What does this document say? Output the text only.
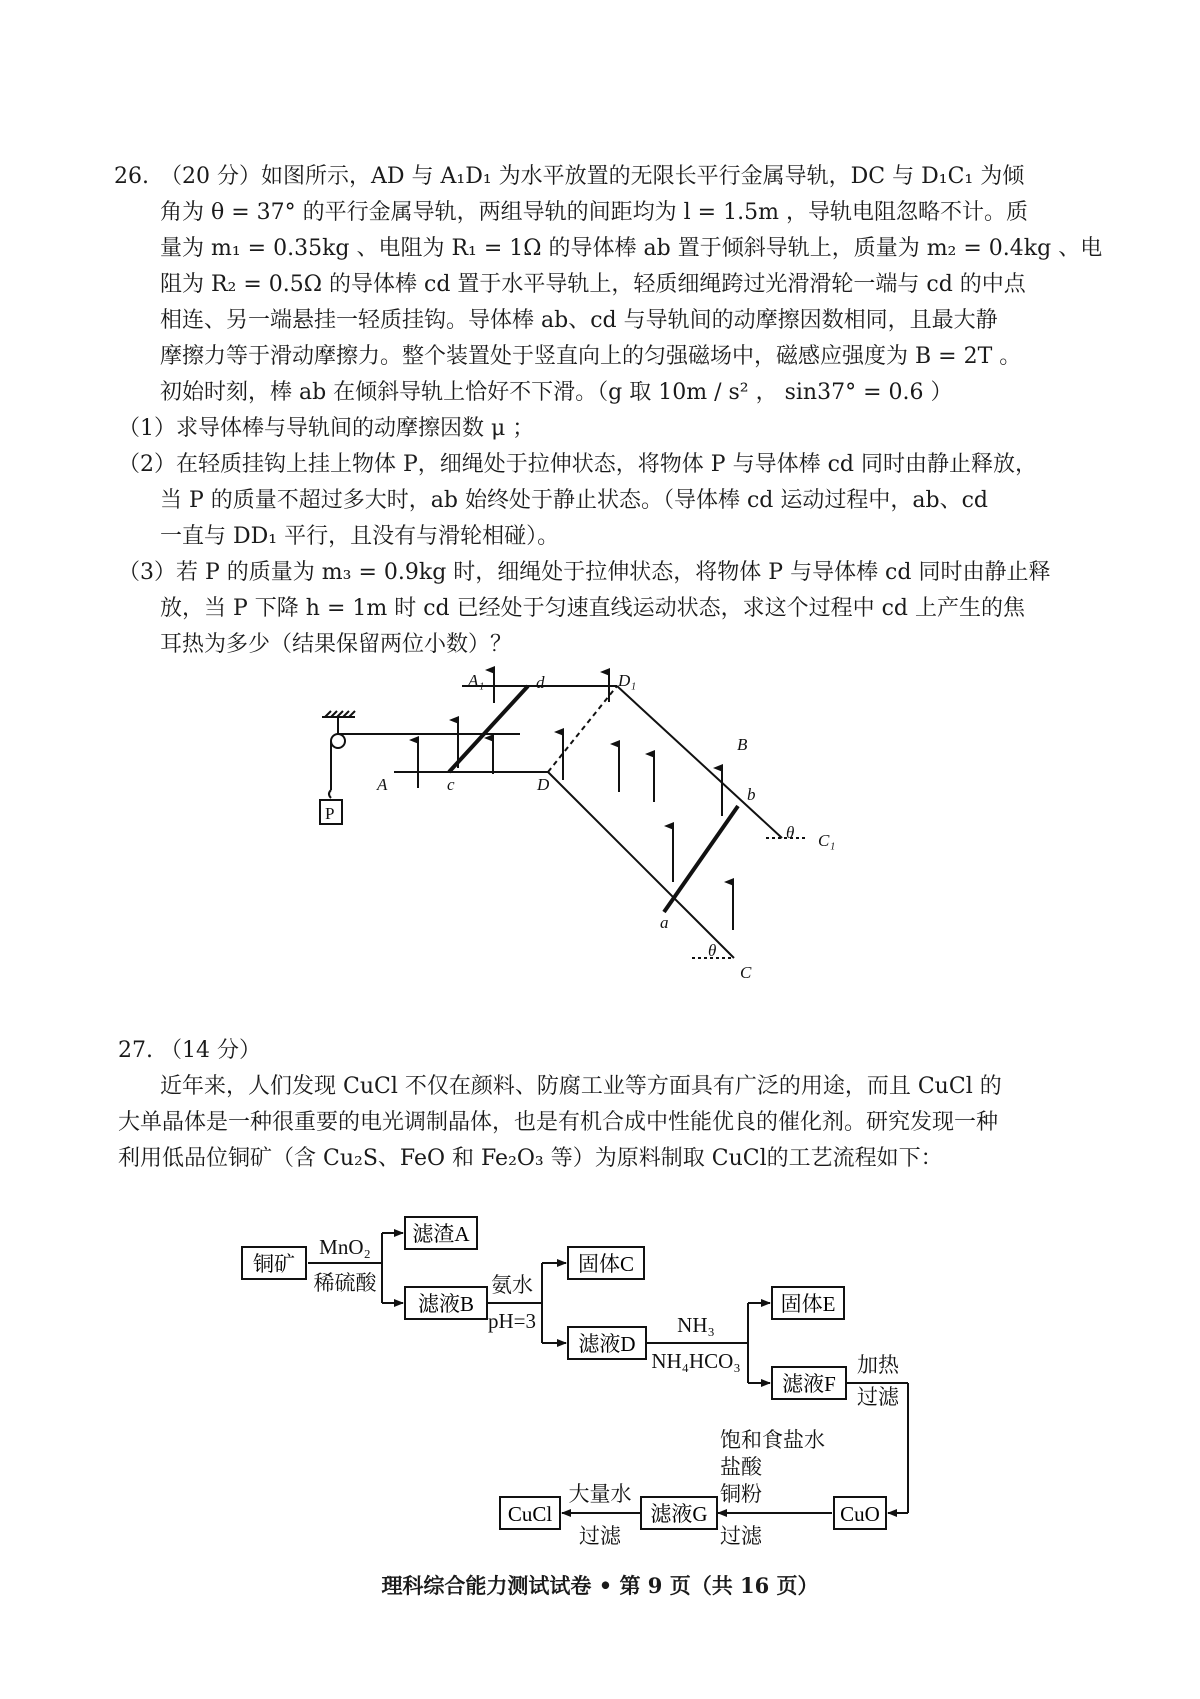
26. （20 分）如图所示，AD 与 A₁D₁ 为水平放置的无限长平行金属导轨，DC 与 D₁C₁ 为倾
角为 θ = 37° 的平行金属导轨，两组导轨的间距均为 l = 1.5m ，导轨电阻忽略不计。质
量为 m₁ = 0.35kg 、电阻为 R₁ = 1Ω 的导体棒 ab 置于倾斜导轨上，质量为 m₂ = 0.4kg 、电
阻为 R₂ = 0.5Ω 的导体棒 cd 置于水平导轨上，轻质细绳跨过光滑滑轮一端与 cd 的中点
相连、另一端悬挂一轻质挂钩。导体棒 ab、cd 与导轨间的动摩擦因数相同，且最大静
摩擦力等于滑动摩擦力。整个装置处于竖直向上的匀强磁场中，磁感应强度为 B = 2T 。
初始时刻，棒 ab 在倾斜导轨上恰好不下滑。（g 取 10m / s² ， sin37° = 0.6 ）
（1）求导体棒与导轨间的动摩擦因数 μ ；
（2）在轻质挂钩上挂上物体 P，细绳处于拉伸状态，将物体 P 与导体棒 cd 同时由静止释放，
当 P 的质量不超过多大时，ab 始终处于静止状态。（导体棒 cd 运动过程中，ab、cd
一直与 DD₁ 平行，且没有与滑轮相碰）。
（3）若 P 的质量为 m₃ = 0.9kg 时，细绳处于拉伸状态，将物体 P 与导体棒 cd 同时由静止释
放，当 P 下降 h = 1m 时 cd 已经处于匀速直线运动状态，求这个过程中 cd 上产生的焦
耳热为多少（结果保留两位小数）？
A₁	d	D₁
B
b
θ C₁
A	c	D
a
θ
C
P
27. （14 分）
近年来，人们发现 CuCl 不仅在颜料、防腐工业等方面具有广泛的用途，而且 CuCl 的
大单晶体是一种很重要的电光调制晶体，也是有机合成中性能优良的催化剂。研究发现一种
利用低品位铜矿（含 Cu₂S、FeO 和 Fe₂O₃ 等）为原料制取 CuCl的工艺流程如下：
铜矿
滤渣A
滤液B
固体C
滤液D
固体E
滤液F
CuO
滤液G
CuCl
MnO₂
稀硫酸	氨水
pH=3	NH₃
NH₄HCO₃	加热
过滤
饱和食盐水
盐酸
铜粉
过滤
大量水
过滤
理科综合能力测试试卷 • 第 9 页（共 16 页）
